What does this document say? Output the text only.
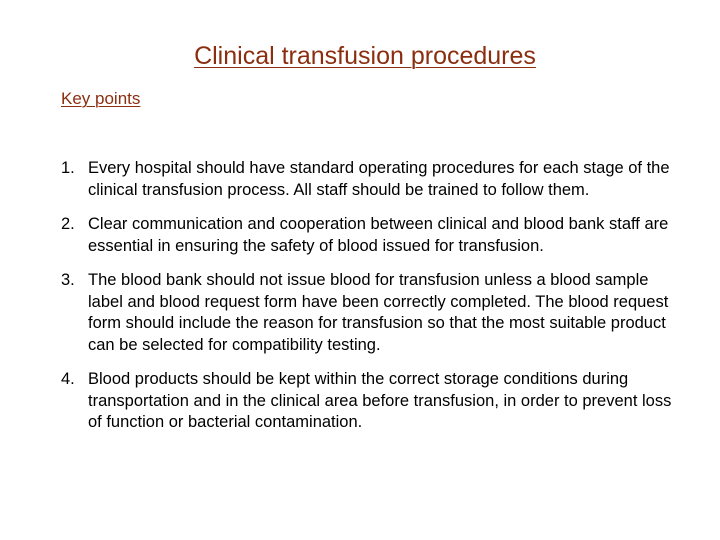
Clinical transfusion procedures
Key points
1. Every hospital should have standard operating procedures for each stage of the clinical transfusion process. All staff should be trained to follow them.
2. Clear communication and cooperation between clinical and blood bank staff are essential in ensuring the safety of blood issued for transfusion.
3. The blood bank should not issue blood for transfusion unless a blood sample label and blood request form have been correctly completed. The blood request form should include the reason for transfusion so that the most suitable product can be selected for compatibility testing.
4. Blood products should be kept within the correct storage conditions during transportation and in the clinical area before transfusion, in order to prevent loss of function or bacterial contamination.
